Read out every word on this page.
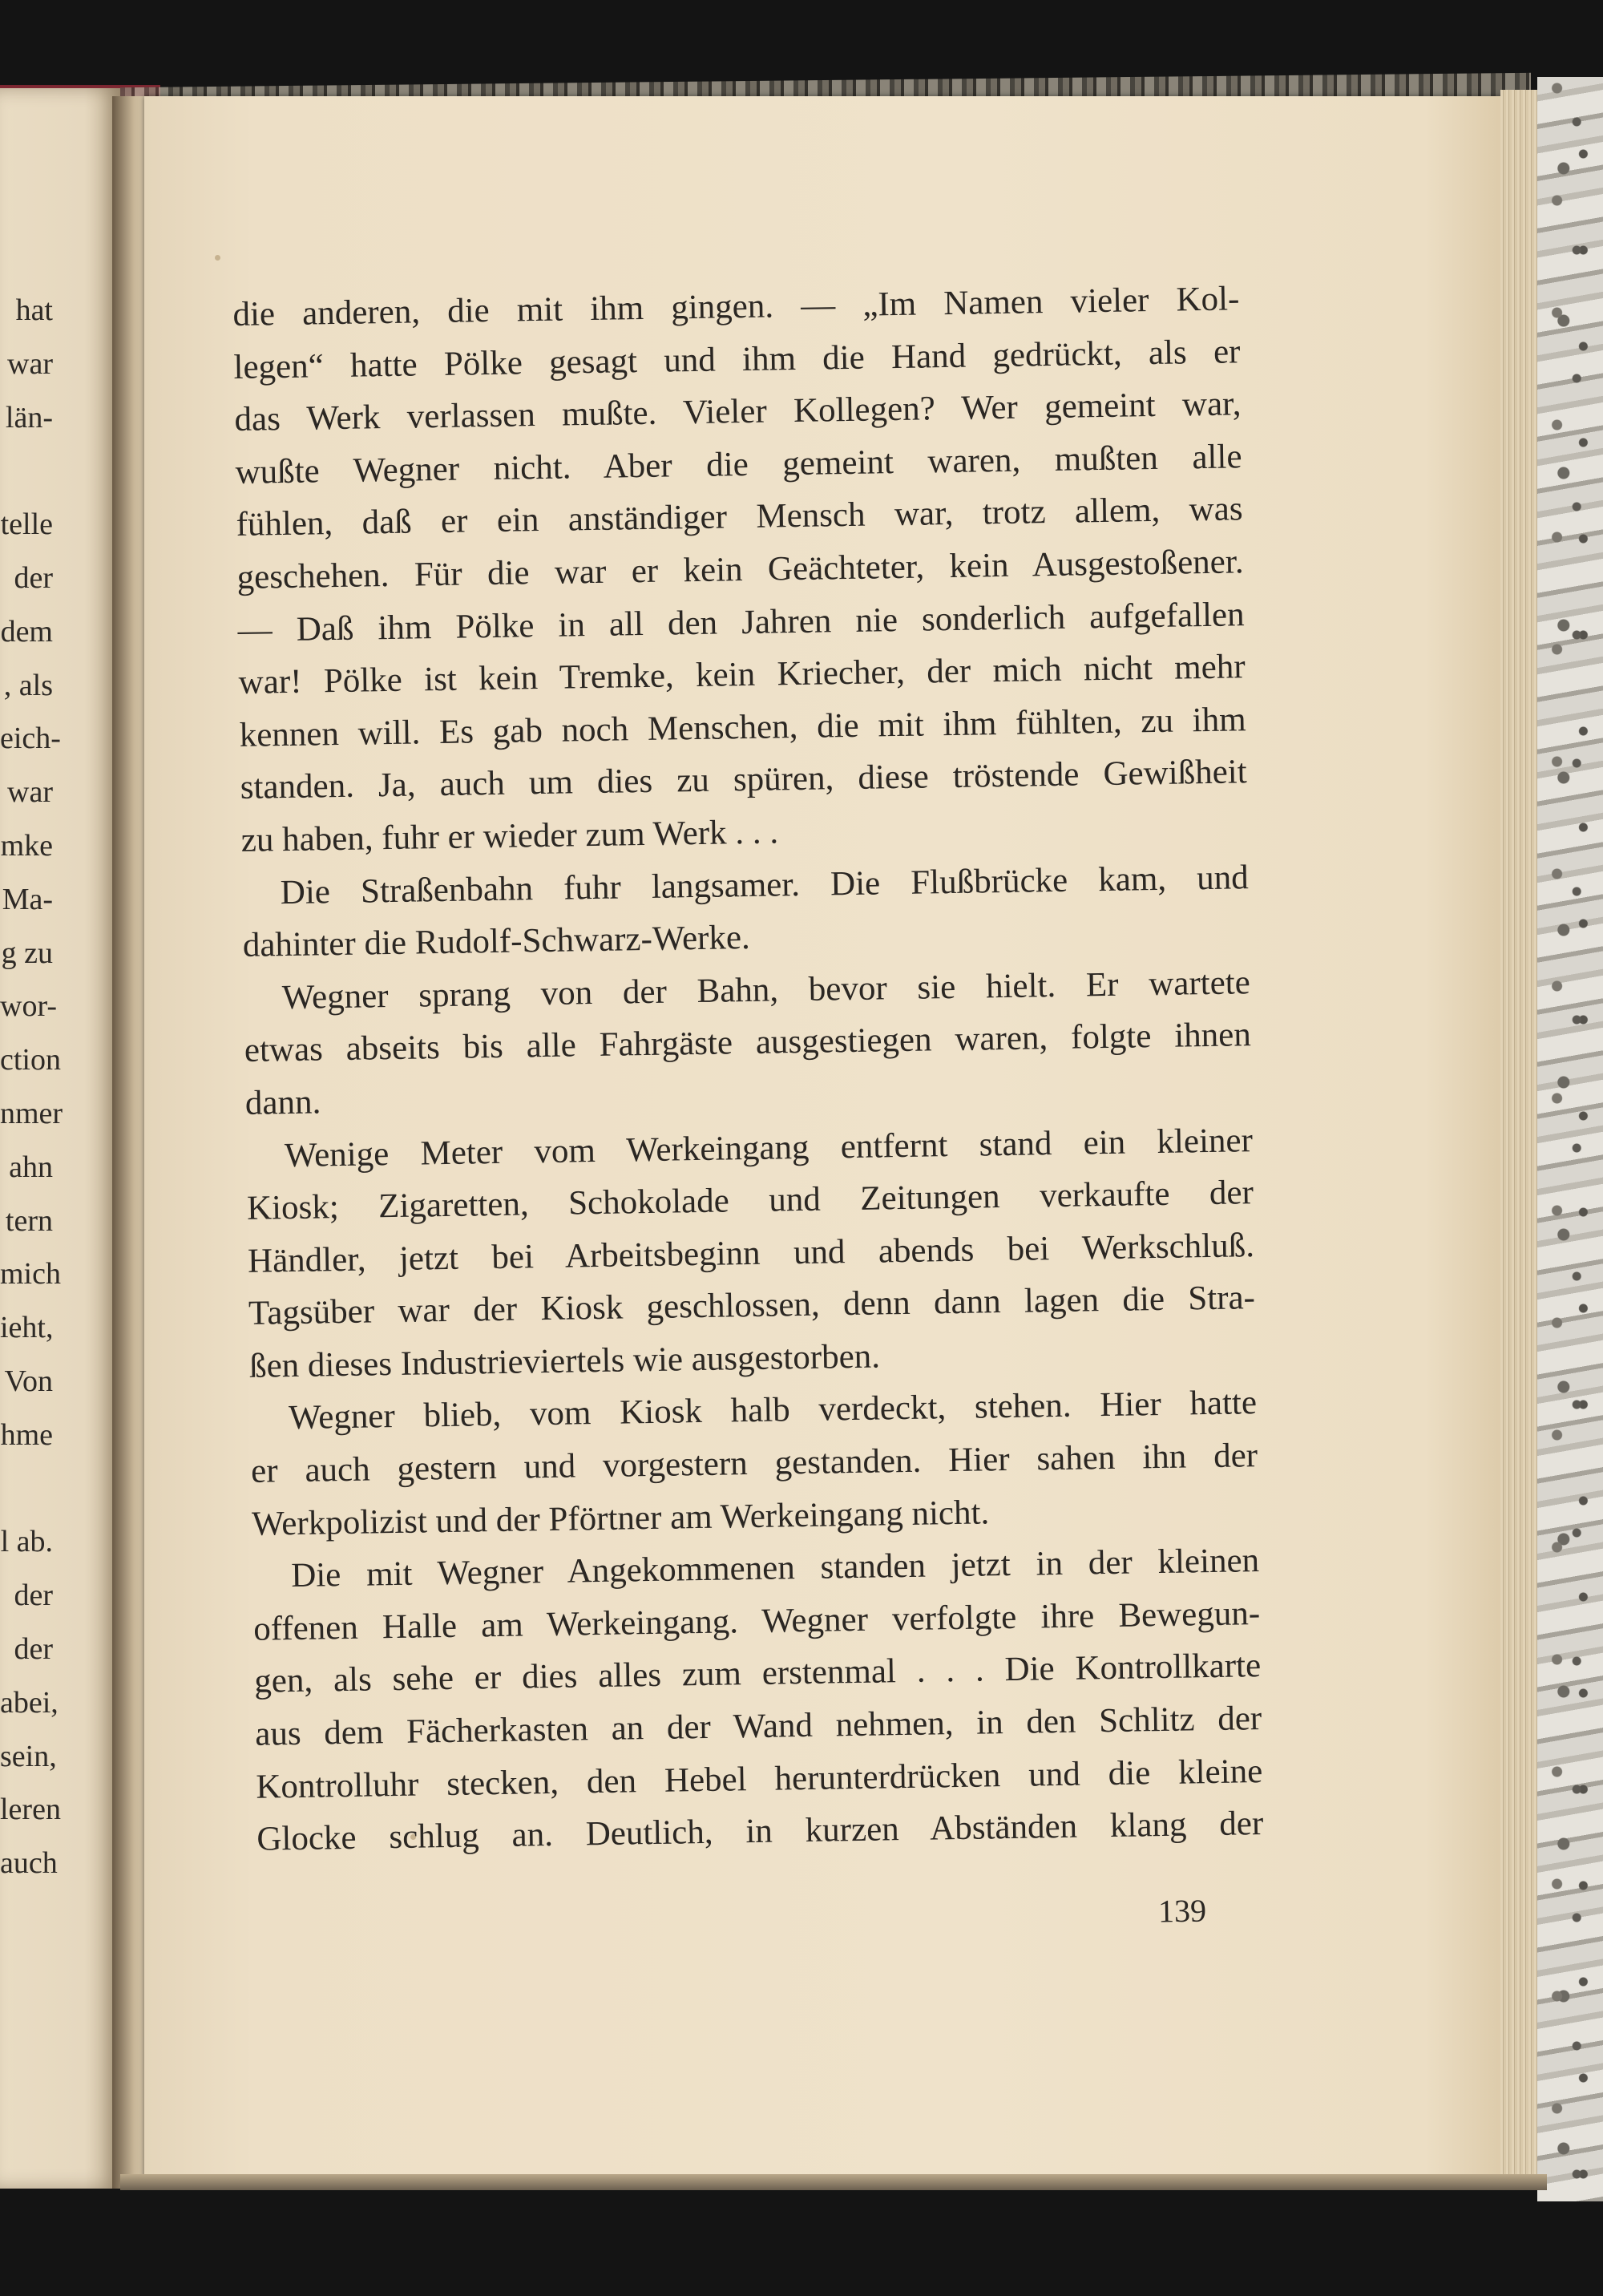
hat
war
län-
telle
der
dem
, als
eich-
war
mke
Ma-
g zu
wor-
ction
nmer
ahn
tern
mich
ieht,
Von
hme
l ab.
der
der
abei,
sein,
leren
auch
die anderen, die mit ihm gingen. — „Im Namen vieler Kol-
legen“ hatte Pölke gesagt und ihm die Hand gedrückt, als er
das Werk verlassen mußte. Vieler Kollegen? Wer gemeint war,
wußte Wegner nicht. Aber die gemeint waren, mußten alle
fühlen, daß er ein anständiger Mensch war, trotz allem, was
geschehen. Für die war er kein Geächteter, kein Ausgestoßener.
— Daß ihm Pölke in all den Jahren nie sonderlich aufgefallen
war! Pölke ist kein Tremke, kein Kriecher, der mich nicht mehr
kennen will. Es gab noch Menschen, die mit ihm fühlten, zu ihm
standen. Ja, auch um dies zu spüren, diese tröstende Gewißheit
zu haben, fuhr er wieder zum Werk . . .
Die Straßenbahn fuhr langsamer. Die Flußbrücke kam, und
dahinter die Rudolf-Schwarz-Werke.
Wegner sprang von der Bahn, bevor sie hielt. Er wartete
etwas abseits bis alle Fahrgäste ausgestiegen waren, folgte ihnen
dann.
Wenige Meter vom Werkeingang entfernt stand ein kleiner
Kiosk; Zigaretten, Schokolade und Zeitungen verkaufte der
Händler, jetzt bei Arbeitsbeginn und abends bei Werkschluß.
Tagsüber war der Kiosk geschlossen, denn dann lagen die Stra-
ßen dieses Industrieviertels wie ausgestorben.
Wegner blieb, vom Kiosk halb verdeckt, stehen. Hier hatte
er auch gestern und vorgestern gestanden. Hier sahen ihn der
Werkpolizist und der Pförtner am Werkeingang nicht.
Die mit Wegner Angekommenen standen jetzt in der kleinen
offenen Halle am Werkeingang. Wegner verfolgte ihre Bewegun-
gen, als sehe er dies alles zum erstenmal . . . Die Kontrollkarte
aus dem Fächerkasten an der Wand nehmen, in den Schlitz der
Kontrolluhr stecken, den Hebel herunterdrücken und die kleine
Glocke schlug an. Deutlich, in kurzen Abständen klang der
139
